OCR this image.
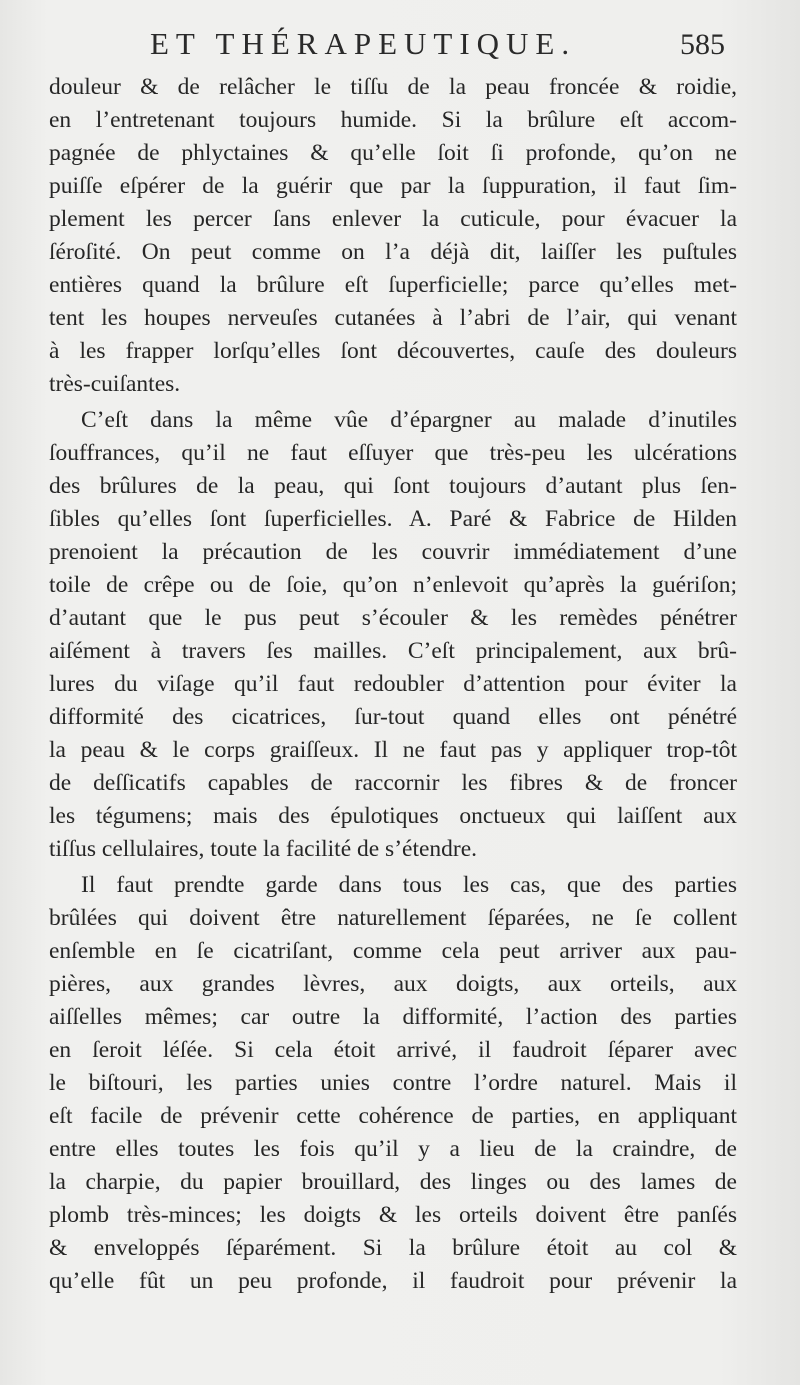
ET THÉRAPEUTIQUE.	585
douleur & de relâcher le tiſſu de la peau froncée & roidie,
en l’entretenant toujours humide. Si la brûlure eſt accom-
pagnée de phlyctaines & qu’elle ſoit ſi profonde, qu’on ne
puiſſe eſpérer de la guérir que par la ſuppuration, il faut ſim-
plement les percer ſans enlever la cuticule, pour évacuer la
ſéroſité. On peut comme on l’a déjà dit, laiſſer les puſtules
entières quand la brûlure eſt ſuperficielle; parce qu’elles met-
tent les houpes nerveuſes cutanées à l’abri de l’air, qui venant
à les frapper lorſqu’elles ſont découvertes, cauſe des douleurs
très-cuiſantes.
C’eſt dans la même vûe d’épargner au malade d’inutiles
ſouffrances, qu’il ne faut eſſuyer que très-peu les ulcérations
des brûlures de la peau, qui ſont toujours d’autant plus ſen-
ſibles qu’elles ſont ſuperficielles. A. Paré & Fabrice de Hilden
prenoient la précaution de les couvrir immédiatement d’une
toile de crêpe ou de ſoie, qu’on n’enlevoit qu’après la guériſon;
d’autant que le pus peut s’écouler & les remèdes pénétrer
aiſément à travers ſes mailles. C’eſt principalement, aux brû-
lures du viſage qu’il faut redoubler d’attention pour éviter la
difformité des cicatrices, ſur-tout quand elles ont pénétré
la peau & le corps graiſſeux. Il ne faut pas y appliquer trop-tôt
de deſſicatifs capables de raccornir les fibres & de froncer
les tégumens; mais des épulotiques onctueux qui laiſſent aux
tiſſus cellulaires, toute la facilité de s’étendre.
Il faut prendte garde dans tous les cas, que des parties
brûlées qui doivent être naturellement ſéparées, ne ſe collent
enſemble en ſe cicatriſant, comme cela peut arriver aux pau-
pières, aux grandes lèvres, aux doigts, aux orteils, aux
aiſſelles mêmes; car outre la difformité, l’action des parties
en ſeroit léſée. Si cela étoit arrivé, il faudroit ſéparer avec
le biſtouri, les parties unies contre l’ordre naturel. Mais il
eſt facile de prévenir cette cohérence de parties, en appliquant
entre elles toutes les fois qu’il y a lieu de la craindre, de
la charpie, du papier brouillard, des linges ou des lames de
plomb très-minces; les doigts & les orteils doivent être panſés
& enveloppés ſéparément. Si la brûlure étoit au col &
qu’elle fût un peu profonde, il faudroit pour prévenir la
